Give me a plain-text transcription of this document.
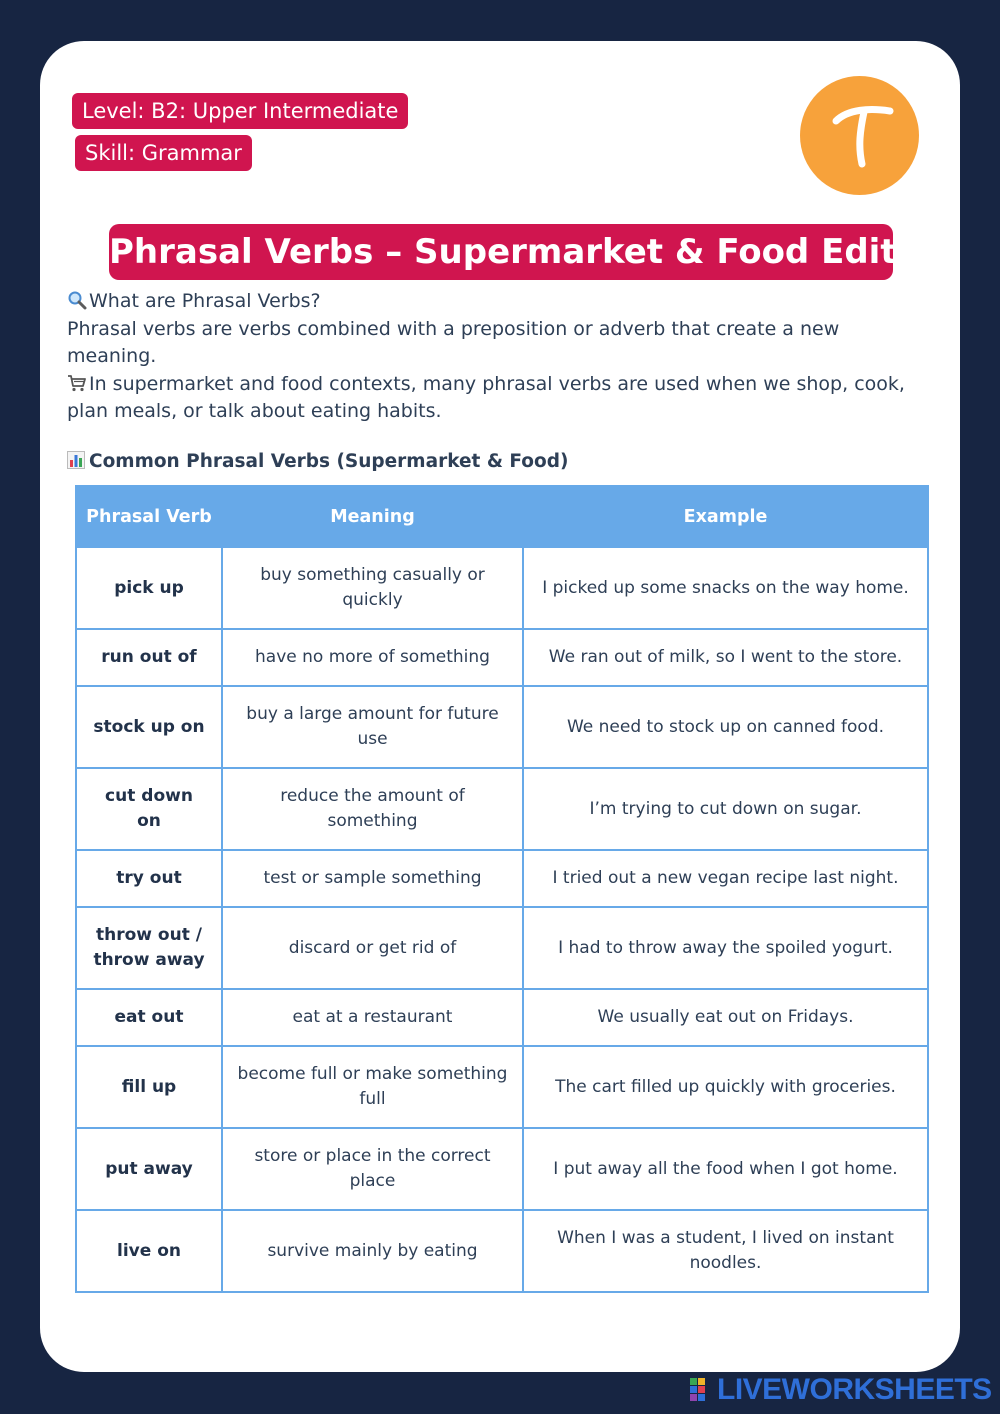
Level: B2: Upper Intermediate
Skill: Grammar
Phrasal Verbs – Supermarket & Food Edition

What are Phrasal Verbs?

Phrasal verbs are verbs combined with a preposition or adverb that create a new meaning.

In supermarket and food contexts, many phrasal verbs are used when we shop, cook, plan meals, or talk about eating habits.

Common Phrasal Verbs (Supermarket & Food)
Phrasal Verb	Meaning	Example
pick up	buy something casually or quickly	I picked up some snacks on the way home.
run out of	have no more of something	We ran out of milk, so I went to the store.
stock up on	buy a large amount for future use	We need to stock up on canned food.
cut down on	reduce the amount of something	I’m trying to cut down on sugar.
try out	test or sample something	I tried out a new vegan recipe last night.
throw out / throw away	discard or get rid of	I had to throw away the spoiled yogurt.
eat out	eat at a restaurant	We usually eat out on Fridays.
fill up	become full or make something full	The cart filled up quickly with groceries.
put away	store or place in the correct place	I put away all the food when I got home.
live on	survive mainly by eating	When I was a student, I lived on instant noodles.
LIVEWORKSHEETS
